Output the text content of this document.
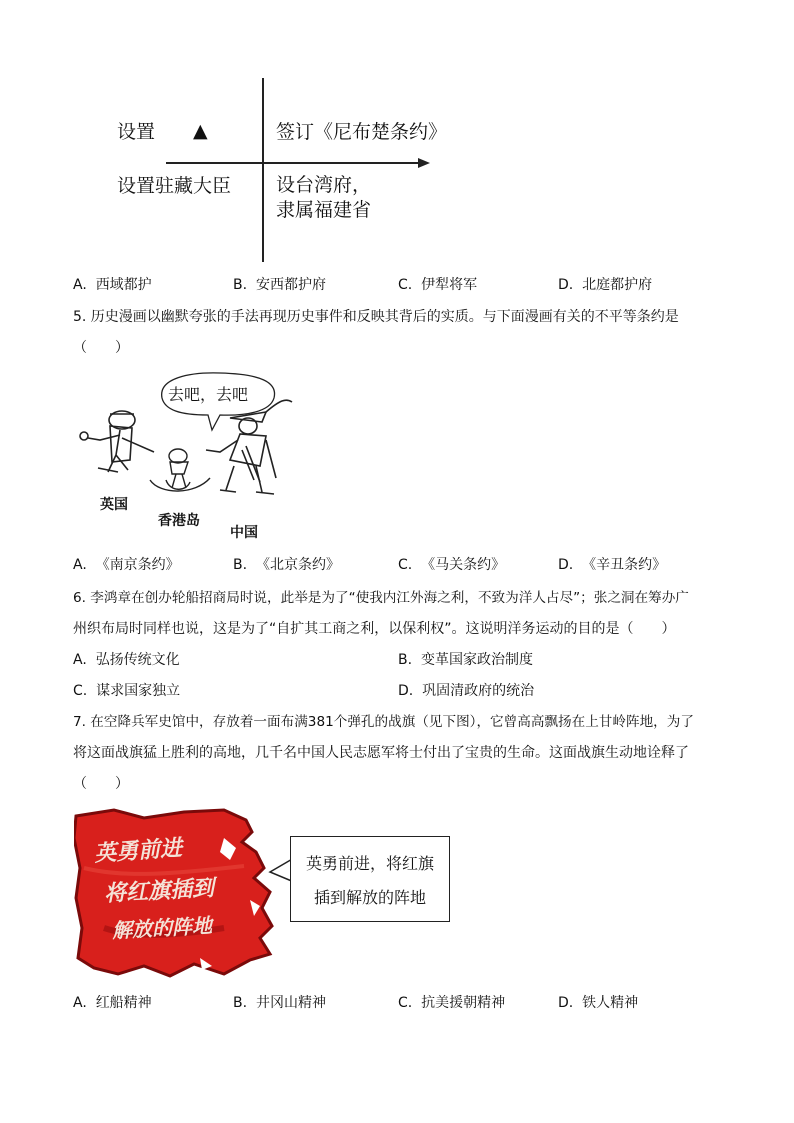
设置 ▲	签订《尼布楚条约》
设置驻藏大臣 设台湾府，
隶属福建省
A. 西域都护	B. 安西都护府	C. 伊犁将军	D. 北庭都护府
5. 历史漫画以幽默夸张的手法再现历史事件和反映其背后的实质。与下面漫画有关的不平等条约是
（　　）
去吧，去吧
英国
香港岛
中国
A. 《南京条约》	B. 《北京条约》	C. 《马关条约》	D. 《辛丑条约》
6. 李鸿章在创办轮船招商局时说，此举是为了“使我内江外海之利，不致为洋人占尽”；张之洞在筹办广
州织布局时同样也说，这是为了“自扩其工商之利，以保利权”。这说明洋务运动的目的是（　　）
A. 弘扬传统文化	B. 变革国家政治制度
C. 谋求国家独立	D. 巩固清政府的统治
7. 在空降兵军史馆中，存放着一面布满381个弹孔的战旗（见下图），它曾高高飘扬在上甘岭阵地，为了
将这面战旗猛上胜利的高地，几千名中国人民志愿军将士付出了宝贵的生命。这面战旗生动地诠释了
（　　）
英勇前进
将红旗插到
解放的阵地
英勇前进，将红旗
插到解放的阵地
A. 红船精神	B. 井冈山精神	C. 抗美援朝精神	D. 铁人精神
